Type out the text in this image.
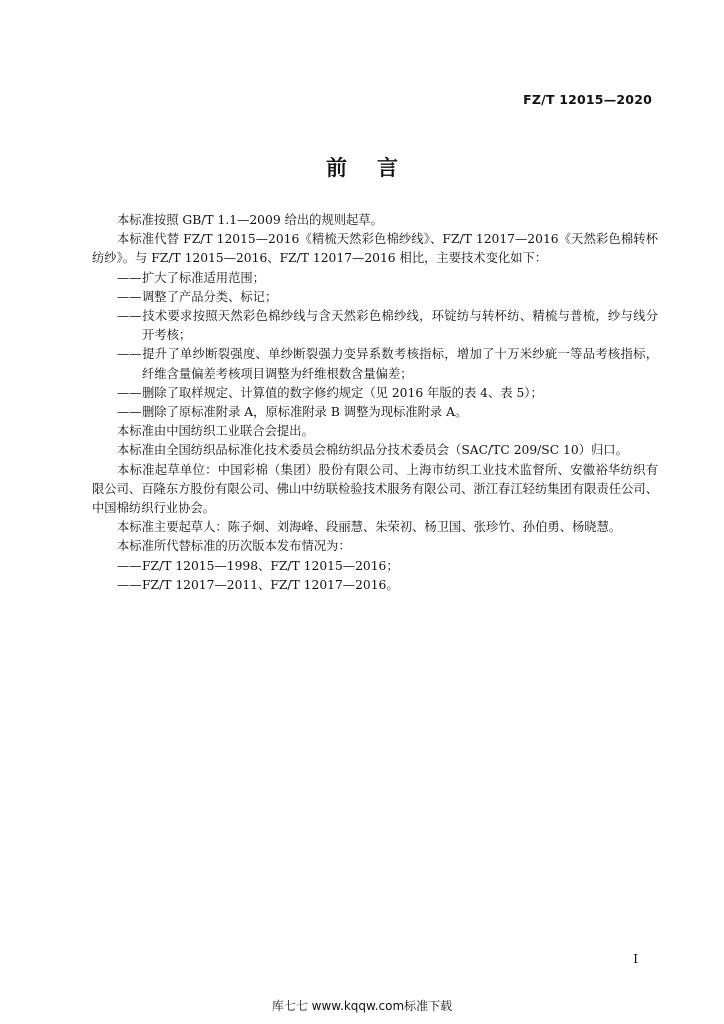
FZ/T 12015—2020
前言

本标准按照 GB/T 1.1—2009 给出的规则起草。

本标准代替 FZ/T 12015—2016《精梳天然彩色棉纱线》、FZ/T 12017—2016《天然彩色棉转杯纺纱》。与 FZ/T 12015—2016、FZ/T 12017—2016 相比，主要技术变化如下：

——扩大了标准适用范围；

——调整了产品分类、标记；

——技术要求按照天然彩色棉纱线与含天然彩色棉纱线，环锭纺与转杯纺、精梳与普梳，纱与线分开考核；

——提升了单纱断裂强度、单纱断裂强力变异系数考核指标，增加了十万米纱疵一等品考核指标，纤维含量偏差考核项目调整为纤维根数含量偏差；

——删除了取样规定、计算值的数字修约规定（见 2016 年版的表 4、表 5）；

——删除了原标准附录 A，原标准附录 B 调整为现标准附录 A。

本标准由中国纺织工业联合会提出。

本标准由全国纺织品标准化技术委员会棉纺织品分技术委员会（SAC/TC 209/SC 10）归口。

本标准起草单位：中国彩棉（集团）股份有限公司、上海市纺织工业技术监督所、安徽裕华纺织有限公司、百隆东方股份有限公司、佛山中纺联检验技术服务有限公司、浙江春江轻纺集团有限责任公司、中国棉纺织行业协会。

本标准主要起草人：陈子炯、刘海峰、段丽慧、朱荣初、杨卫国、张珍竹、孙伯勇、杨晓慧。

本标准所代替标准的历次版本发布情况为：

——FZ/T 12015—1998、FZ/T 12015—2016；

——FZ/T 12017—2011、FZ/T 12017—2016。

I
库七七 www.kqqw.com标准下载
